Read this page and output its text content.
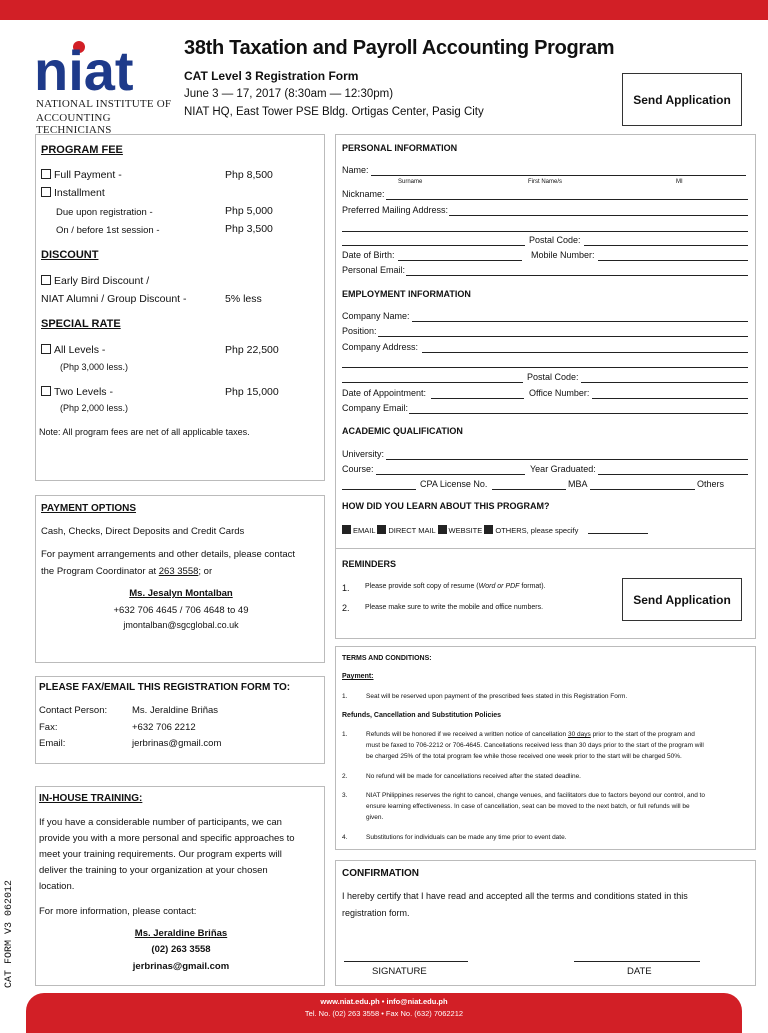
niat
NATIONAL INSTITUTE OF
ACCOUNTING TECHNICIANS
38th Taxation and Payroll Accounting Program
CAT Level 3 Registration Form
June 3 — 17, 2017 (8:30am — 12:30pm)
NIAT HQ, East Tower PSE Bldg. Ortigas Center, Pasig City
Send Application
PROGRAM FEE
Full Payment -	Php 8,500
Installment
Due upon registration -	Php 5,000
On / before 1st session -	Php 3,500
DISCOUNT
Early Bird Discount /
NIAT Alumni / Group Discount -	5% less
SPECIAL RATE
All Levels -	Php 22,500
(Php 3,000 less.)
Two Levels -	Php 15,000
(Php 2,000 less.)
Note: All program fees are net of all applicable taxes.
PAYMENT OPTIONS
Cash, Checks, Direct Deposits and Credit Cards
For payment arrangements and other details, please contact
the Program Coordinator at 263 3558; or
Ms. Jesalyn Montalban
+632 706 4645 / 706 4648 to 49
jmontalban@sgcglobal.co.uk
PLEASE FAX/EMAIL THIS REGISTRATION FORM TO:
Contact Person:	Ms. Jeraldine Briñas
Fax:	+632 706 2212
Email:	jerbrinas@gmail.com
IN-HOUSE TRAINING:
If you have a considerable number of participants, we can
provide you with a more personal and specific approaches to
meet your training requirements. Our program experts will
deliver the training to your organization at your chosen
location.
For more information, please contact:
Ms. Jeraldine Briñas
(02) 263 3558
jerbrinas@gmail.com
PERSONAL INFORMATION
Name:
Surname	First Name/s	MI
Nickname:
Preferred Mailing Address:
Postal Code:
Date of Birth:	Mobile Number:
Personal Email:
EMPLOYMENT INFORMATION
Company Name:
Position:
Company Address:
Postal Code:
Date of Appointment:	Office Number:
Company Email:
ACADEMIC QUALIFICATION
University:
Course:	Year Graduated:
CPA License No.	MBA	Others
HOW DID YOU LEARN ABOUT THIS PROGRAM?
EMAIL DIRECT MAIL WEBSITE OTHERS, please specify
REMINDERS
1. Please provide soft copy of resume (Word or PDF format).
2. Please make sure to write the mobile and office numbers.
Send Application
TERMS AND CONDITIONS:
Payment:
1.	Seat will be reserved upon payment of the prescribed fees stated in this Registration Form.
Refunds, Cancellation and Substitution Policies
1.	Refunds will be honored if we received a written notice of cancellation 30 days prior to the start of the program and
must be faxed to 706-2212 or 706-4645. Cancellations received less than 30 days prior to the start of the program will
be charged 25% of the total program fee while those received one week prior to the start will be charged 50%.
2.	No refund will be made for cancellations received after the stated deadline.
3.	NIAT Philippines reserves the right to cancel, change venues, and facilitators due to factors beyond our control, and to
ensure learning effectiveness. In case of cancellation, seat can be moved to the next batch, or full refunds will be
given.
4.	Substitutions for individuals can be made any time prior to event date.
CONFIRMATION
I hereby certify that I have read and accepted all the terms and conditions stated in this
registration form.
SIGNATURE	DATE
CAT FORM V3 062012
www.niat.edu.ph • info@niat.edu.ph
Tel. No. (02) 263 3558 • Fax No. (632) 7062212
